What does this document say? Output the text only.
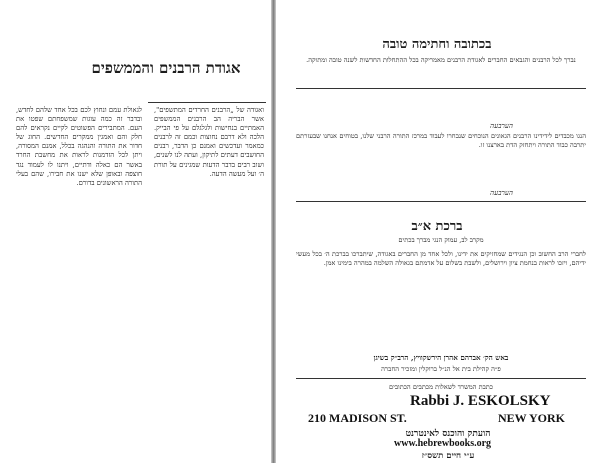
אגודת הרבנים והממשפים
ואגודה של „הרבנים החרדים המתשפים", אשר הבריה הב הרבנים הממשפים האמתיים בנחישות ולגלגלם על פי הבייק. הלכה ולא דרבם נחוצות וכמם זה לרבנים כמאמר ועדכשים ואמנם כן הדבר, רבנים החושבים דעתים לתיקון, ועתה לנו לשנים, ושוב רבים בדבר הדעות שמגינים על תורת ה׳ ועל מעשה הדעה.
לגאולת עמם ונחוץ לכם בכל אחד שלהם לחדש, ובדבר זה כמה עוגות שמשפחתם שפטו את העם. המתבירים הפשוטים לקיים נקראים להם חלק והם ואמגין ממקרים החדשים. החוג של חדור את התורה והנהגה בכלל, אמנם המסורה, ויתן לכל הזדמנות לראות את מחשבת החרד באשר הם כאלה ודתיים, ויתנו לו לעמוד נגד חוצפה ובאופן שלא ישנו את חבירו, שהם בעלי התורה הראשונים בדורם.
בכתובה וחתימה טובה
נברך לכל הרבנים והגבאים החברים לאגודת הרבנים מאמריקה בכל ההתחלות החדשות לשנה טובה ומתוקה.
הערבעה
הנגו מכבדים לידידינו הרבנים הגאונים הנוכחים שנבחרו לעבוד במרכז התורה הרבני שלנו, בטוחים אנחנו שבעזרתם יתרבה כבוד התורה ויתחזק הדת בארצנו זו.
הערבעה
ברכת א״ב
מקרב לב, עמוק הנגי מברך בכתים
לחברי הרב החשוב וכן הנגידים שמחזיקים את ידינו, ולכל אחד מן החברים באגודה, שיתברכו בברכת ה׳ בכל מעשי ידיהם, ויזכו לראות בנחמת ציון וירושלים, ולשבת בשלום על אדמתם בגאולה השלמה במהרה בימינו אמן.
באש הק׳ אברהם אהרן הירשקוויץ, הרב״ק בשיגן
פ״ה קהילת בית אל הנ״ל ברוקלין ומזכיר החברה
כתבת המשרד לשאלות מכתבים הכתובים
Rabbi J. ESKOLSKY
210 MADISON ST.	NEW YORK
הועתק והוכנס לאינטרנט
www.hebrewbooks.org
ע״י חיים תשס״ז
